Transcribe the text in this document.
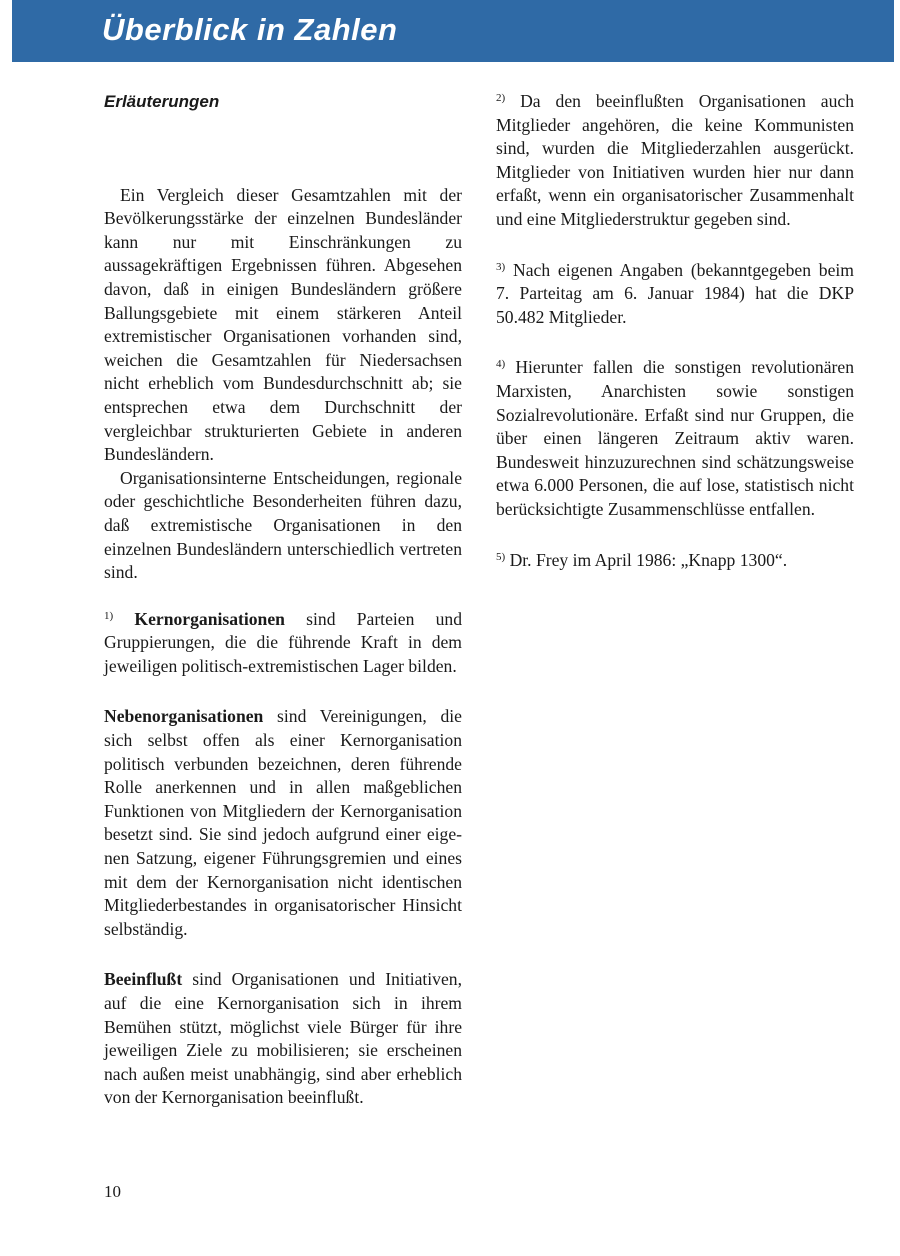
Überblick in Zahlen
Erläuterungen

Ein Vergleich dieser Gesamtzahlen mit der Bevölkerungsstärke der einzelnen Bundesländer kann nur mit Einschränkungen zu aussagekräftigen Ergebnissen führen. Abgesehen davon, daß in einigen Bundesländern größere Ballungsgebiete mit einem stärkeren Anteil extremistischer Organisationen vorhanden sind, weichen die Gesamtzahlen für Niedersachsen nicht erheblich vom Bundesdurchschnitt ab; sie entsprechen etwa dem Durchschnitt der vergleichbar strukturierten Gebiete in anderen Bundesländern.

Organisationsinterne Entscheidungen, regionale oder geschichtliche Besonderheiten führen dazu, daß extremistische Organisationen in den einzelnen Bundesländern unterschiedlich vertreten sind.

$^{1)}$ Kernorganisationen sind Parteien und Gruppierungen, die die führende Kraft in dem jeweiligen politisch-extremistischen Lager bilden.

Nebenorganisationen sind Vereinigungen, die sich selbst offen als einer Kernorganisation politisch verbunden bezeichnen, deren führende Rolle anerkennen und in allen maßgeblichen Funktionen von Mitgliedern der Kernorganisation besetzt sind. Sie sind jedoch aufgrund einer eigenen Satzung, eigener Führungsgremien und eines mit dem der Kernorganisation nicht identischen Mitgliederbestandes in organisatorischer Hinsicht selbständig.

Beeinflußt sind Organisationen und Initiativen, auf die eine Kernorganisation sich in ihrem Bemühen stützt, möglichst viele Bürger für ihre jeweiligen Ziele zu mobilisieren; sie erscheinen nach außen meist unabhängig, sind aber erheblich von der Kernorganisation beeinflußt.

$^{2)}$ Da den beeinflußten Organisationen auch Mitglieder angehören, die keine Kommunisten sind, wurden die Mitgliederzahlen ausgerückt. Mitglieder von Initiativen wurden hier nur dann erfaßt, wenn ein organisatorischer Zusammenhalt und eine Mitgliederstruktur gegeben sind.

$^{3)}$ Nach eigenen Angaben (bekanntgegeben beim 7. Parteitag am 6. Januar 1984) hat die DKP 50.482 Mitglieder.

$^{4)}$ Hierunter fallen die sonstigen revolutionären Marxisten, Anarchisten sowie sonstigen Sozialrevolutionäre. Erfaßt sind nur Gruppen, die über einen längeren Zeitraum aktiv waren. Bundesweit hinzuzurechnen sind schätzungsweise etwa 6.000 Personen, die auf lose, statistisch nicht berücksichtigte Zusammenschlüsse entfallen.

$^{5)}$ Dr. Frey im April 1986: „Knapp 1300“.

10
